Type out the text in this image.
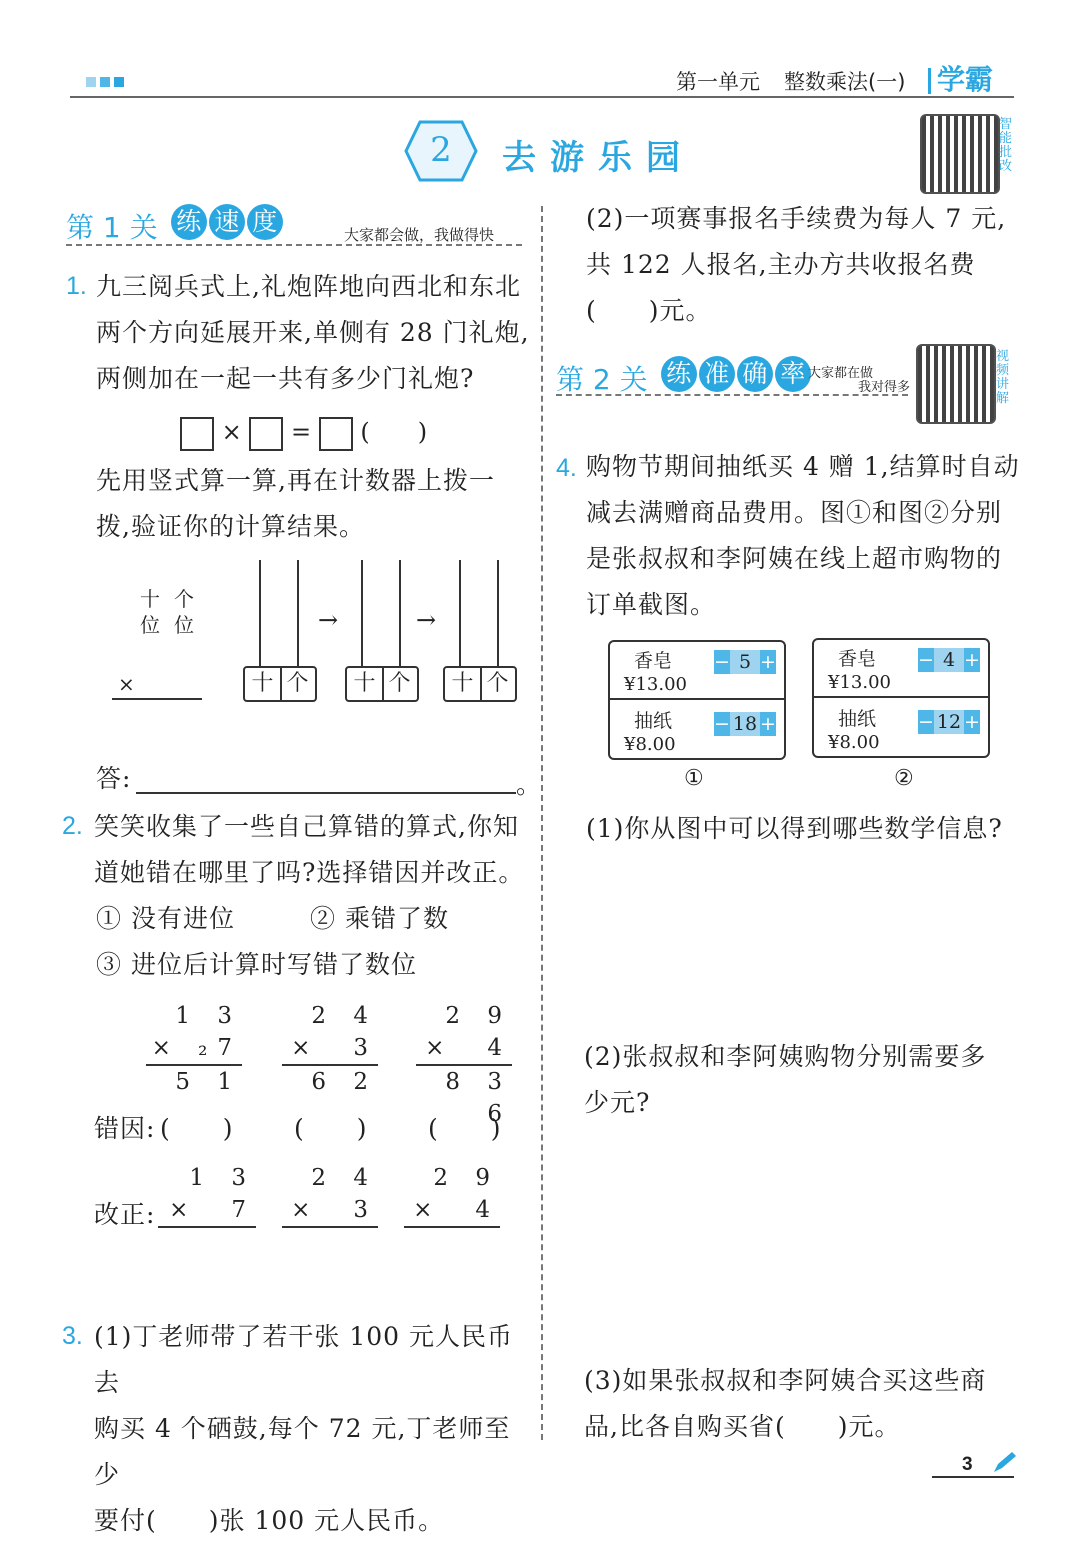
第一单元 整数乘法(一)	学霸
2	去游乐园
智能批改
视频讲解
第 1 关 练 速 度	大家都会做，我做得快
1. 九三阅兵式上,礼炮阵地向西北和东北
两个方向延展开来,单侧有 28 门礼炮,
两侧加在一起一共有多少门礼炮?
× = (　　)
先用竖式算一算,再在计数器上拨一
拨,验证你的计算结果。
十
位
个
位
×	十 个
→
十 个
→
十 个
答:	。
2. 笑笑收集了一些自己算错的算式,你知
道她错在哪里了吗?选择错因并改正。
① 没有进位	② 乘错了数
③ 进位后计算时写错了数位
1 3
× ₂7
5 1
2 4
×　3
6 2
2 9
×　4
8 3 6
错因: (　　) (　　) (　　)
改正:
1 3
×　7
2 4
×　3
2 9
×　4
3. (1)丁老师带了若干张 100 元人民币去
购买 4 个硒鼓,每个 72 元,丁老师至少
要付(　　)张 100 元人民币。
(2)一项赛事报名手续费为每人 7 元,
共 122 人报名,主办方共收报名费
(　　)元。
第 2 关 练 准 确 率 大家都在做
我对得多
4. 购物节期间抽纸买 4 赠 1,结算时自动
减去满赠商品费用。图①和图②分别
是张叔叔和李阿姨在线上超市购物的
订单截图。
香皂
¥13.00
− 5 +
抽纸
¥8.00
− 18 +
①
香皂
¥13.00
− 4 +
抽纸
¥8.00
− 12 +
②
(1)你从图中可以得到哪些数学信息?
(2)张叔叔和李阿姨购物分别需要多
少元?
(3)如果张叔叔和李阿姨合买这些商
品,比各自购买省(　　)元。
3
